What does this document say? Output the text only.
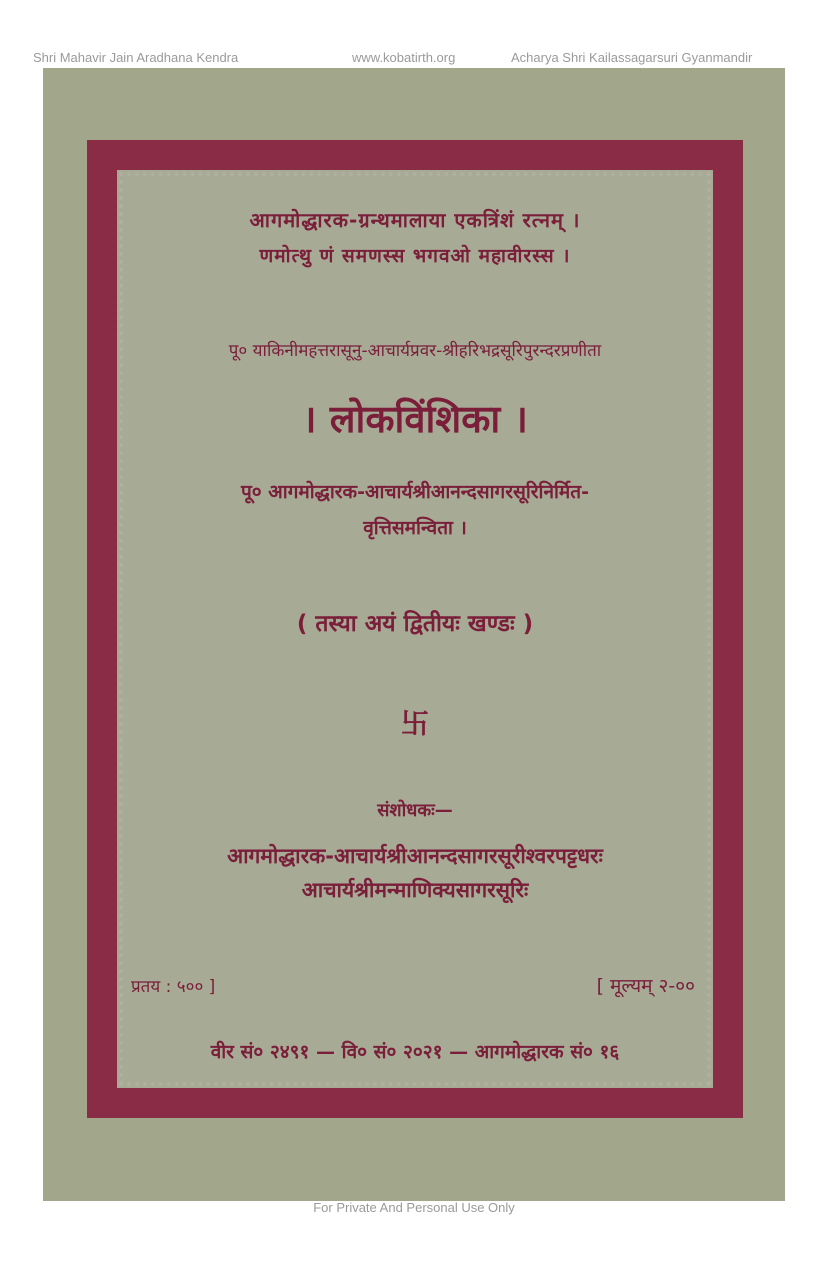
Shri Mahavir Jain Aradhana Kendra	www.kobatirth.org	Acharya Shri Kailassagarsuri Gyanmandir
आगमोद्धारक-ग्रन्थमालाया एकत्रिंशं रत्नम् ।
णमोत्थु णं समणस्स भगवओ महावीरस्स ।
पू० याकिनीमहत्तरासूनु-आचार्यप्रवर-श्रीहरिभद्रसूरिपुरन्दरप्रणीता
। लोकविंशिका ।
पू० आगमोद्धारक-आचार्यश्रीआनन्दसागरसूरिनिर्मित-
वृत्तिसमन्विता ।
( तस्या अयं द्वितीयः खण्डः )
卐
संशोधकः—
आगमोद्धारक-आचार्यश्रीआनन्दसागरसूरीश्वरपट्टधरः
आचार्यश्रीमन्माणिक्यसागरसूरिः
प्रतय : ५०० ]	[ मूल्यम् २-००
वीर सं० २४९१ — वि० सं० २०२१ — आगमोद्धारक सं० १६
For Private And Personal Use Only
